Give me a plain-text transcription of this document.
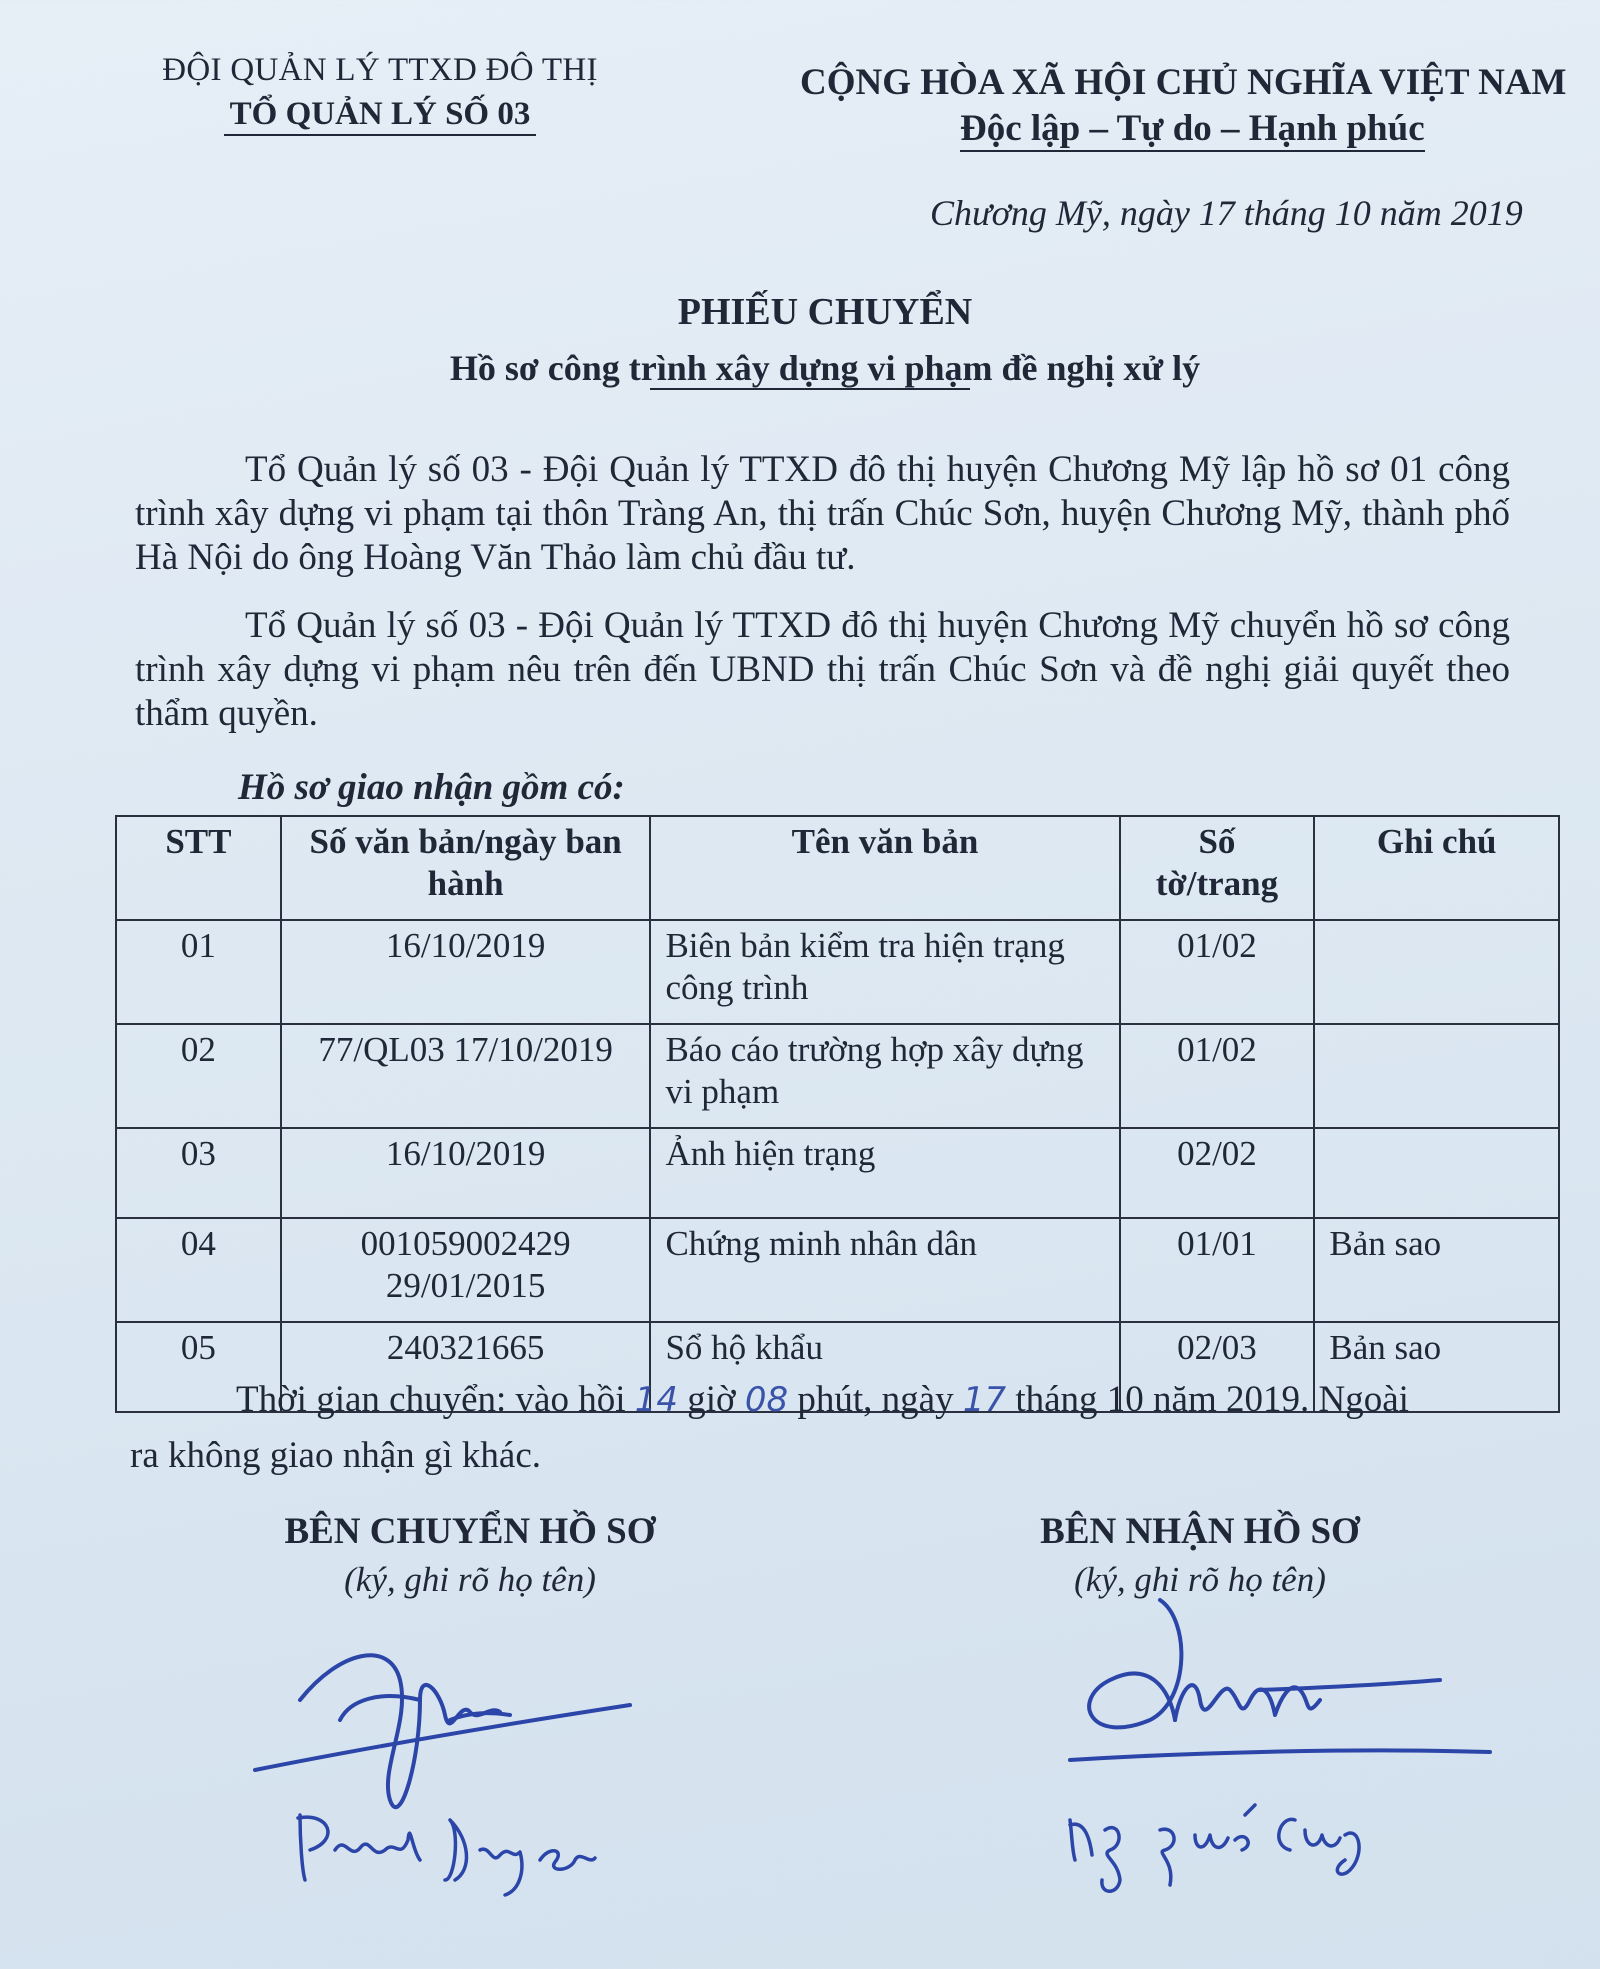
ĐỘI QUẢN LÝ TTXD ĐÔ THỊ
TỔ QUẢN LÝ SỐ 03
CỘNG HÒA XÃ HỘI CHỦ NGHĨA VIỆT NAM
Độc lập – Tự do – Hạnh phúc
Chương Mỹ, ngày 17 tháng 10 năm 2019
PHIẾU CHUYỂN
Hồ sơ công trình xây dựng vi phạm đề nghị xử lý
Tổ Quản lý số 03 - Đội Quản lý TTXD đô thị huyện Chương Mỹ lập hồ sơ 01 công trình xây dựng vi phạm tại thôn Tràng An, thị trấn Chúc Sơn, huyện Chương Mỹ, thành phố Hà Nội do ông Hoàng Văn Thảo làm chủ đầu tư.
Tổ Quản lý số 03 - Đội Quản lý TTXD đô thị huyện Chương Mỹ chuyển hồ sơ công trình xây dựng vi phạm nêu trên đến UBND thị trấn Chúc Sơn và đề nghị giải quyết theo thẩm quyền.
Hồ sơ giao nhận gồm có:
STT	Số văn bản/ngày ban hành	Tên văn bản	Số tờ/trang	Ghi chú
01	16/10/2019	Biên bản kiểm tra hiện trạng công trình	01/02	
02	77/QL03 17/10/2019	Báo cáo trường hợp xây dựng vi phạm	01/02	
03	16/10/2019	Ảnh hiện trạng	02/02	
04	001059002429 29/01/2015	Chứng minh nhân dân	01/01	Bản sao
05	240321665	Sổ hộ khẩu	02/03	Bản sao
Thời gian chuyển: vào hồi 14 giờ 08 phút, ngày 17 tháng 10 năm 2019. Ngoài
ra không giao nhận gì khác.
BÊN CHUYỂN HỒ SƠ
(ký, ghi rõ họ tên)
BÊN NHẬN HỒ SƠ
(ký, ghi rõ họ tên)
